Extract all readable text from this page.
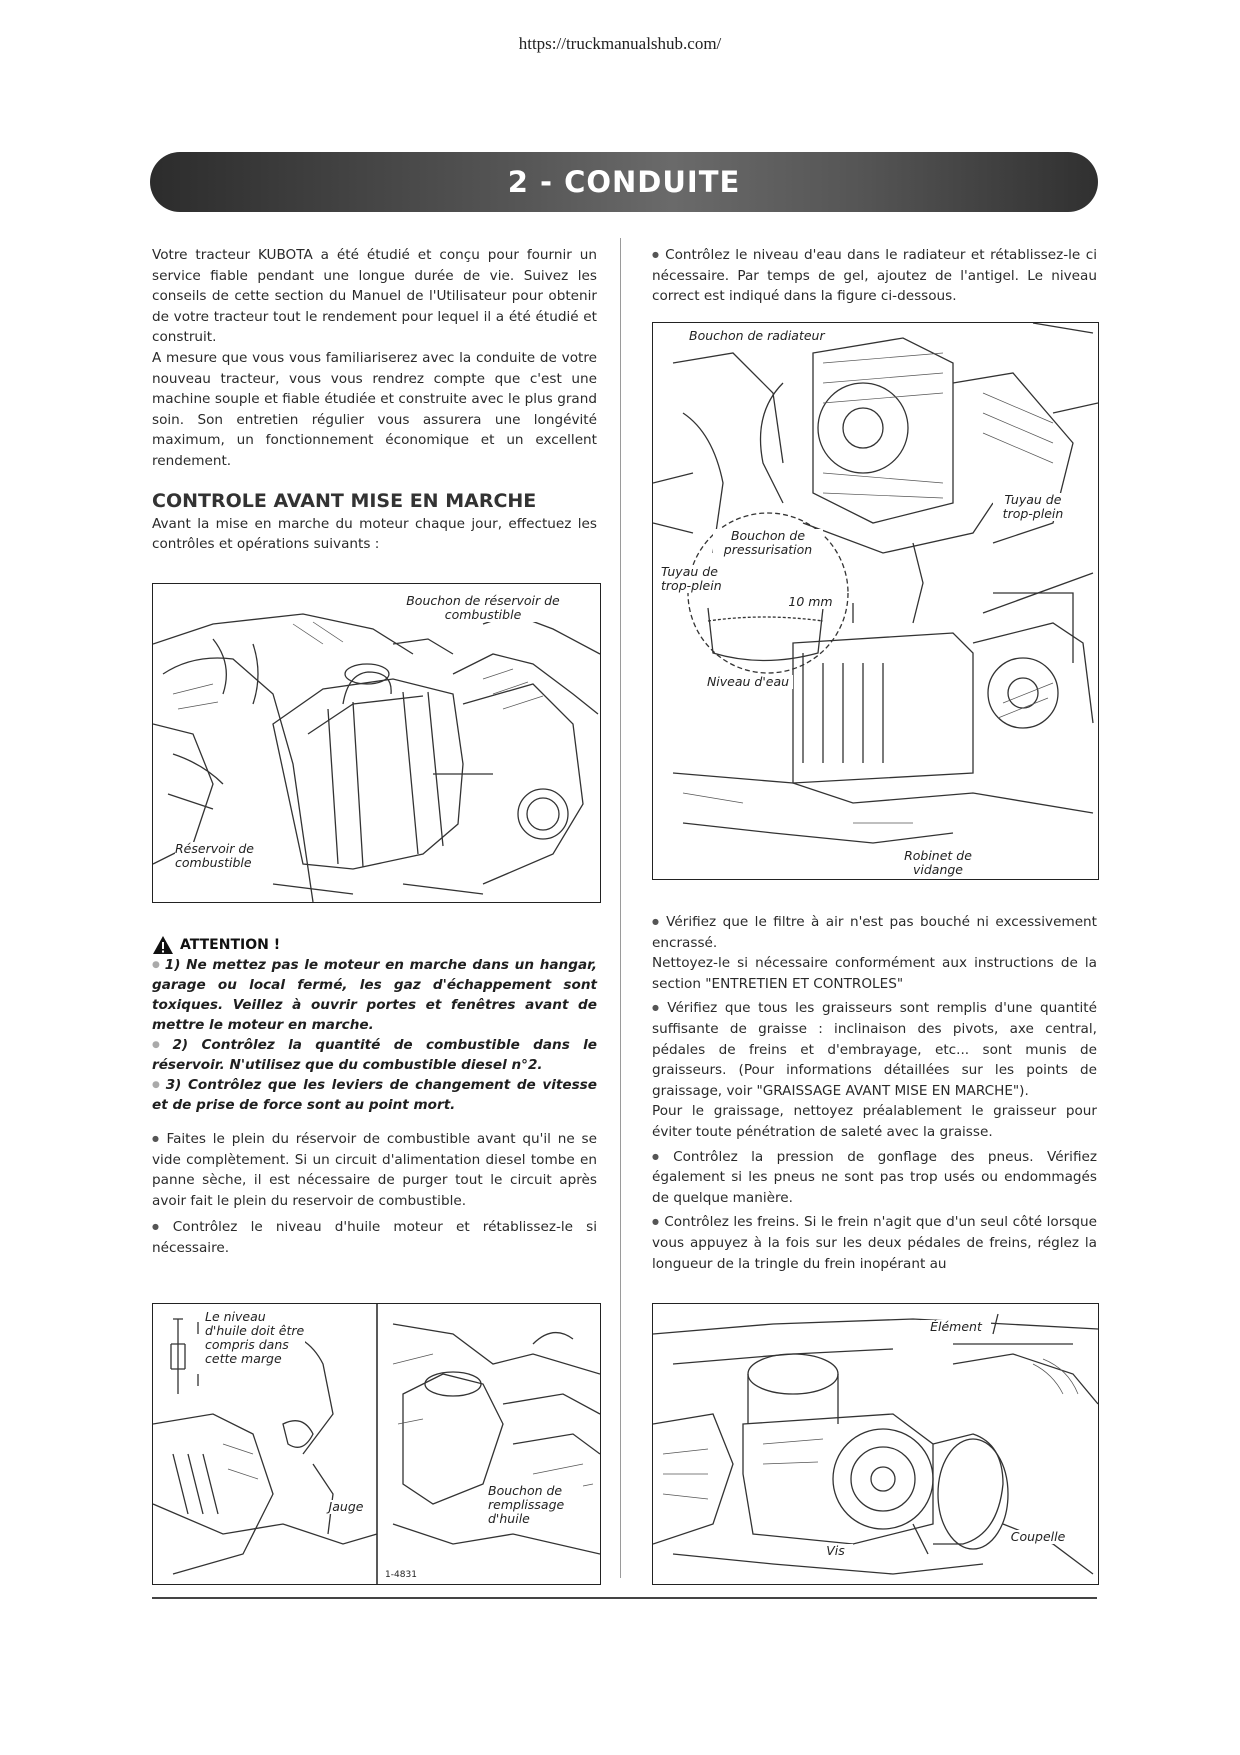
https://truckmanualshub.com/
2 - CONDUITE

Votre tracteur KUBOTA a été étudié et conçu pour fournir un service fiable pendant une longue durée de vie. Suivez les conseils de cette section du Manuel de l'Utilisateur pour obtenir de votre tracteur tout le rendement pour lequel il a été étudié et construit.

A mesure que vous vous familiariserez avec la conduite de votre nouveau tracteur, vous vous rendrez compte que c'est une machine souple et fiable étudiée et construite avec le plus grand soin. Son entretien régulier vous assurera une longévité maximum, un fonctionnement économique et un excellent rendement.

CONTROLE AVANT MISE EN MARCHE

Avant la mise en marche du moteur chaque jour, effectuez les contrôles et opérations suivants :

Bouchon de réservoir de combustible
Réservoir de combustible
ATTENTION !
● 1) Ne mettez pas le moteur en marche dans un hangar, garage ou local fermé, les gaz d'échappement sont toxiques. Veillez à ouvrir portes et fenêtres avant de mettre le moteur en marche.
● 2) Contrôlez la quantité de combustible dans le réservoir. N'utilisez que du combustible diesel n°2.
● 3) Contrôlez que les leviers de changement de vitesse et de prise de force sont au point mort.

● Faites le plein du réservoir de combustible avant qu'il ne se vide complètement. Si un circuit d'alimentation diesel tombe en panne sèche, il est nécessaire de purger tout le circuit après avoir fait le plein du reservoir de combustible.

● Contrôlez le niveau d'huile moteur et rétablissez-le si nécessaire.

Le niveau d'huile doit être compris dans cette marge
Jauge
Bouchon de remplissage d'huile
1-4831

● Contrôlez le niveau d'eau dans le radiateur et rétablissez-le ci nécessaire. Par temps de gel, ajoutez de l'antigel. Le niveau correct est indiqué dans la figure ci-dessous.

Bouchon de radiateur
Tuyau de trop-plein
Bouchon de pressurisation
Tuyau de trop-plein
10 mm
Niveau d'eau
Robinet de vidange

● Vérifiez que le filtre à air n'est pas bouché ni excessivement encrassé.

Nettoyez-le si nécessaire conformément aux instructions de la section "ENTRETIEN ET CONTROLES"

● Vérifiez que tous les graisseurs sont remplis d'une quantité suffisante de graisse : inclinaison des pivots, axe central, pédales de freins et d'embrayage, etc... sont munis de graisseurs. (Pour informations détaillées sur les points de graissage, voir "GRAISSAGE AVANT MISE EN MARCHE").

Pour le graissage, nettoyez préalablement le graisseur pour éviter toute pénétration de saleté avec la graisse.

● Contrôlez la pression de gonflage des pneus. Vérifiez également si les pneus ne sont pas trop usés ou endommagés de quelque manière.

● Contrôlez les freins. Si le frein n'agit que d'un seul côté lorsque vous appuyez à la fois sur les deux pédales de freins, réglez la longueur de la tringle du frein inopérant au

Élément
Vis
Coupelle
